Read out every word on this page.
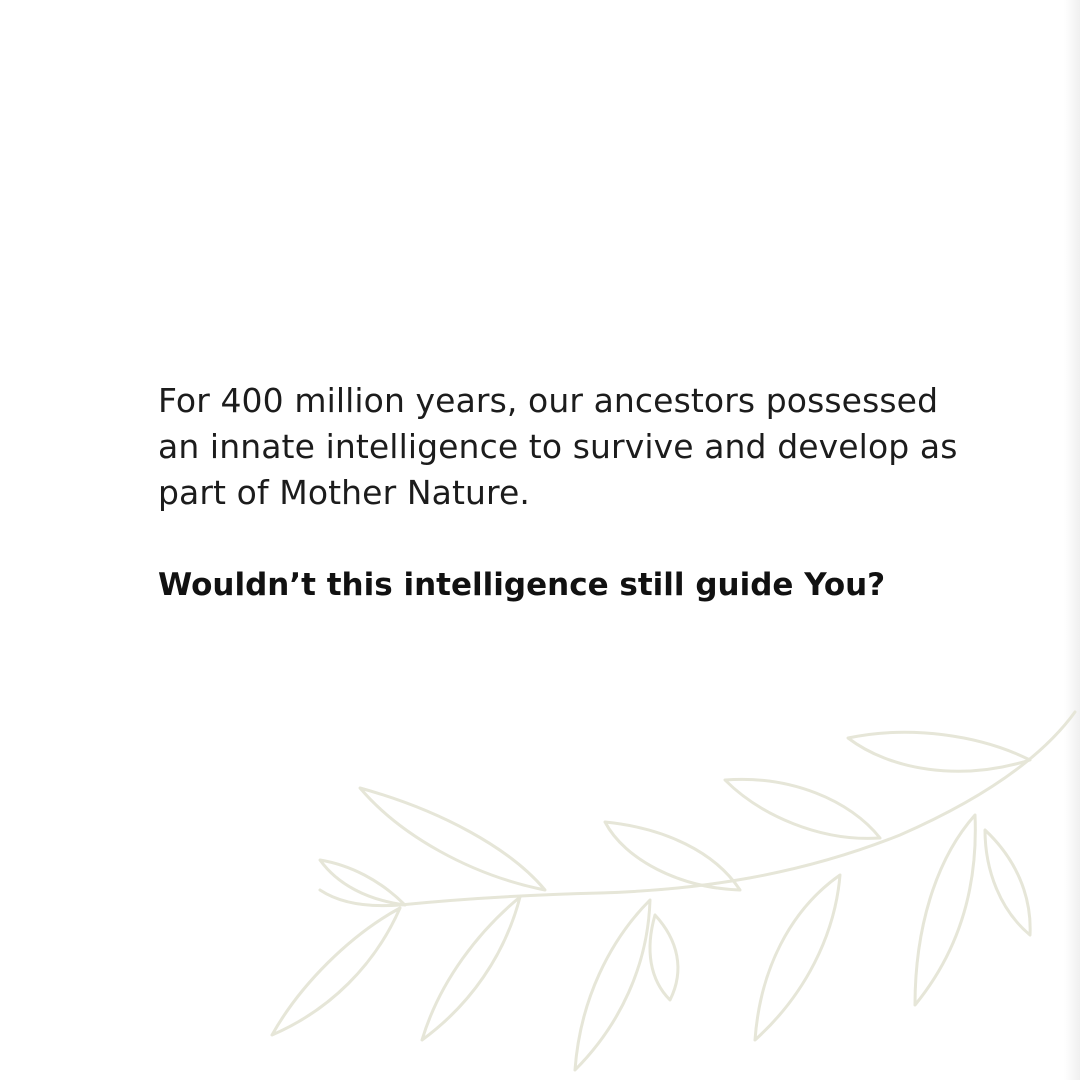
For 400 million years, our ancestors possessed
an innate intelligence to survive and develop as
part of Mother Nature.

Wouldn’t this intelligence still guide You?
